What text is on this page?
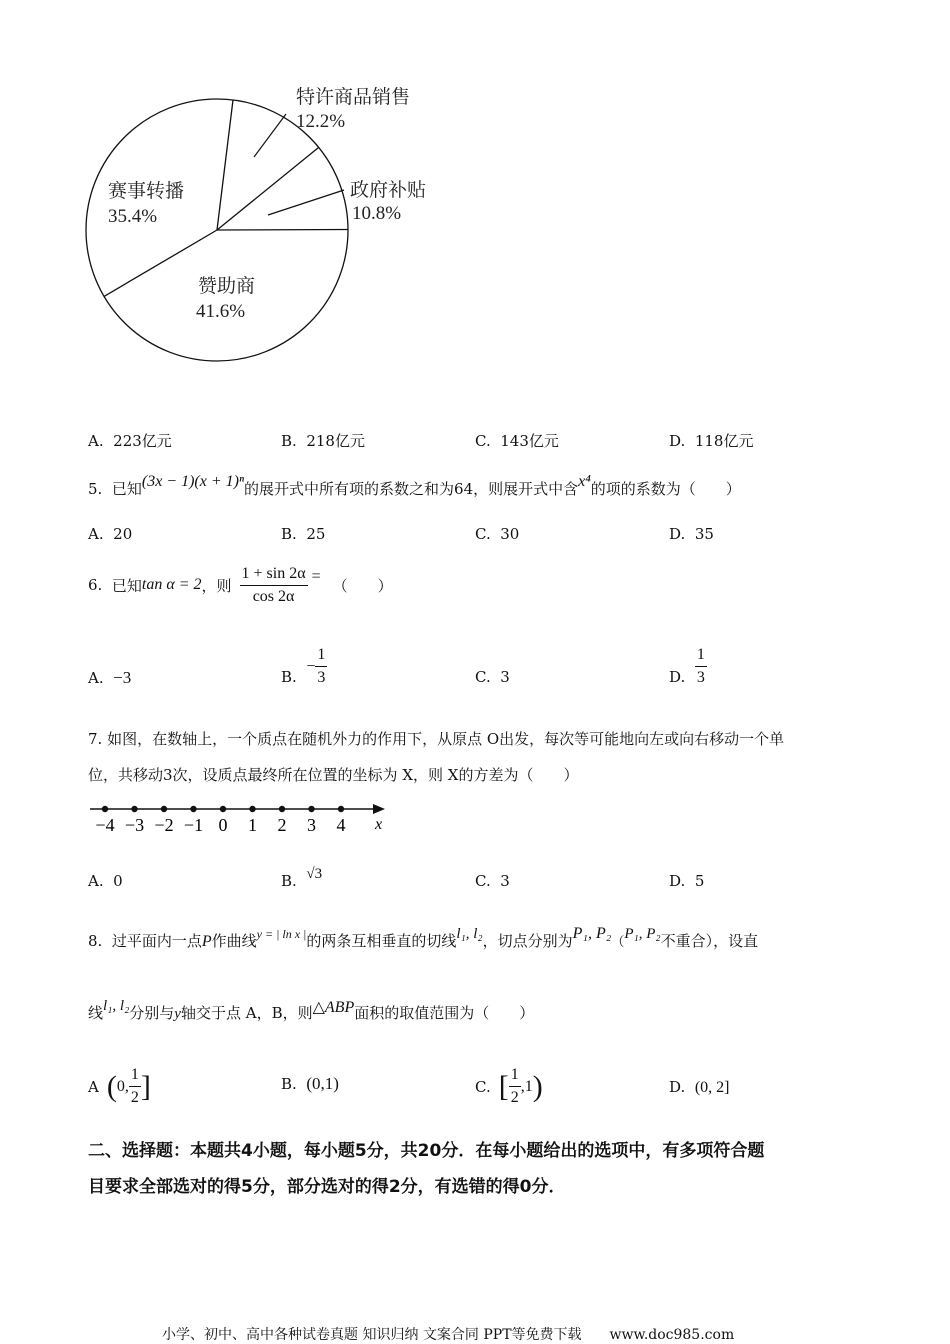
特许商品销售
12.2%
政府补贴
10.8%
赞助商
41.6%
赛事转播
35.4%
A. 223亿元	B. 218亿元	C. 143亿元	D. 118亿元
5. 已知(3x − 1)(x + 1)ⁿ的展开式中所有项的系数之和为64，则展开式中含x⁴的项的系数为（　　）
A. 20	B. 25	C. 30	D. 35
6.
已知 tan α = 2 ，则 $\frac{1 + \sin 2\alpha}{\cos 2\alpha}$ = （　　）
A. −3	B.

− $\frac{1}{3}$	C. 3	D.
$\frac{1}{3}$
7. 如图，在数轴上，一个质点在随机外力的作用下，从原点 O出发，每次等可能地向左或向右移动一个单
位，共移动3次，设质点最终所在位置的坐标为 X，则 X的方差为（　　）
−4 −3 −2 −1 0 1 2 3 4 x
A. 0	B. √3	C. 3	D. 5
8. 过平面内一点P作曲线$^{y = | ln x |}$的两条互相垂直的切线l₁, l₂，切点分别为P₁, P₂（P₁, P₂不重合），设直
线l₁, l₂分别与y轴交于点 A，B，则△ABP面积的取值范围为（　　）
A ( 0, $\frac{1}{2}$ ]	B. (0,1)	C. [ $\frac{1}{2} ,1$ )	D. (0, 2]
二、选择题：本题共4小题，每小题5分，共20分．在每小题给出的选项中，有多项符合题
目要求全部选对的得5分，部分选对的得2分，有选错的得0分．
小学、初中、高中各种试卷真题 知识归纳 文案合同 PPT等免费下载　　www.doc985.com
